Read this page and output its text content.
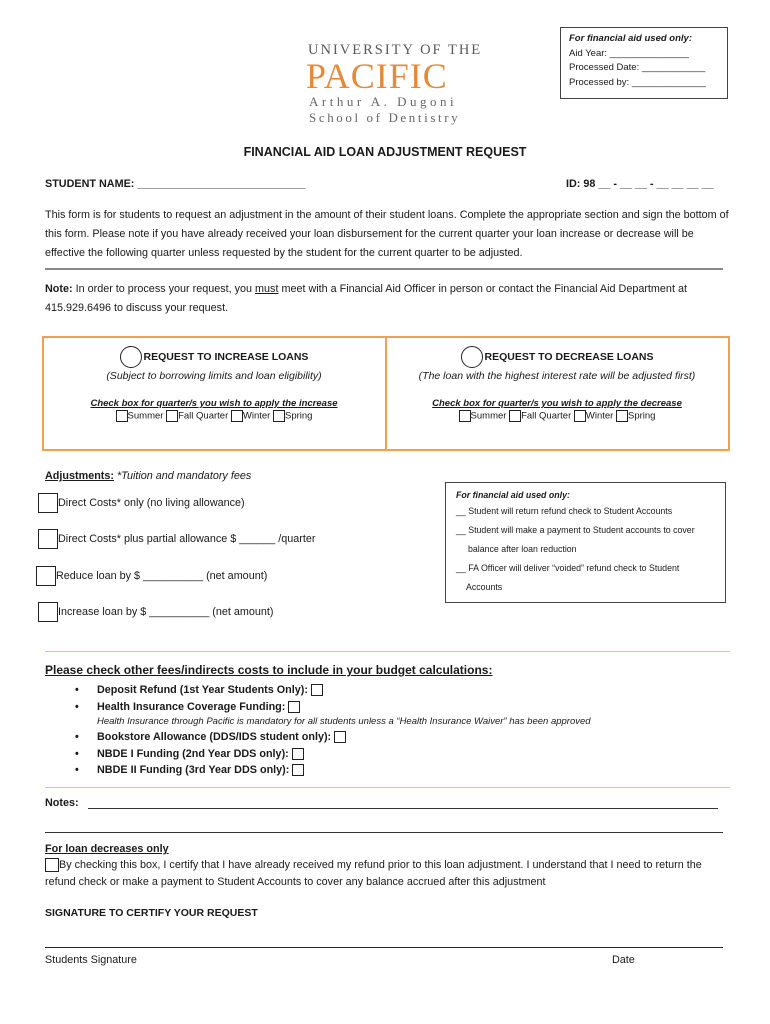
UNIVERSITY OF THE
PACIFIC
Arthur A. Dugoni
School of Dentistry
For financial aid used only:
Aid Year: _______________
Processed Date: ____________
Processed by: ______________
FINANCIAL AID LOAN ADJUSTMENT REQUEST
STUDENT NAME: ____________________________	ID: 98 __ - __ __ - __ __ __ __
This form is for students to request an adjustment in the amount of their student loans. Complete the appropriate section and sign the bottom of this form. Please note if you have already received your loan disbursement for the current quarter your loan increase or decrease will be effective the following quarter unless requested by the student for the current quarter to be adjusted.
Note: In order to process your request, you must meet with a Financial Aid Officer in person or contact the Financial Aid Department at 415.929.6496 to discuss your request.
REQUEST TO INCREASE LOANS
(Subject to borrowing limits and loan eligibility)
Check box for quarter/s you wish to apply the increase
Summer Fall Quarter Winter Spring
REQUEST TO DECREASE LOANS
(The loan with the highest interest rate will be adjusted first)
Check box for quarter/s you wish to apply the decrease
Summer Fall Quarter Winter Spring
Adjustments: *Tuition and mandatory fees
Direct Costs* only (no living allowance)
Direct Costs* plus partial allowance $ ______ /quarter
Reduce loan by $ __________ (net amount)
Increase loan by $ __________ (net amount)
For financial aid used only:
__ Student will return refund check to Student Accounts
__ Student will make a payment to Student accounts to cover
balance after loan reduction
__ FA Officer will deliver “voided” refund check to Student
Accounts
Please check other fees/indirects costs to include in your budget calculations:
• Deposit Refund (1st Year Students Only):
• Health Insurance Coverage Funding:
Health Insurance through Pacific is mandatory for all students unless a “Health Insurance Waiver” has been approved
• Bookstore Allowance (DDS/IDS student only):
• NBDE I Funding (2nd Year DDS only):
• NBDE II Funding (3rd Year DDS only):
Notes:
For loan decreases only
By checking this box, I certify that I have already received my refund prior to this loan adjustment. I understand that I need to return the refund check or make a payment to Student Accounts to cover any balance accrued after this adjustment
SIGNATURE TO CERTIFY YOUR REQUEST
Students Signature	Date
